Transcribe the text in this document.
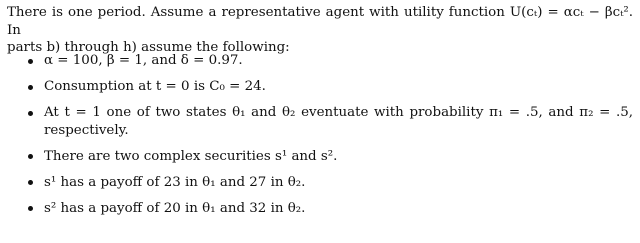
There is one period. Assume a representative agent with utility function U(cₜ) = αcₜ − βcₜ². In
parts b) through h) assume the following:

α = 100, β = 1, and δ = 0.97.
Consumption at t = 0 is C₀ = 24.
At t = 1 one of two states θ₁ and θ₂ eventuate with probability π₁ = .5, and π₂ = .5, respectively.
There are two complex securities s¹ and s².
s¹ has a payoff of 23 in θ₁ and 27 in θ₂.
s² has a payoff of 20 in θ₁ and 32 in θ₂.
